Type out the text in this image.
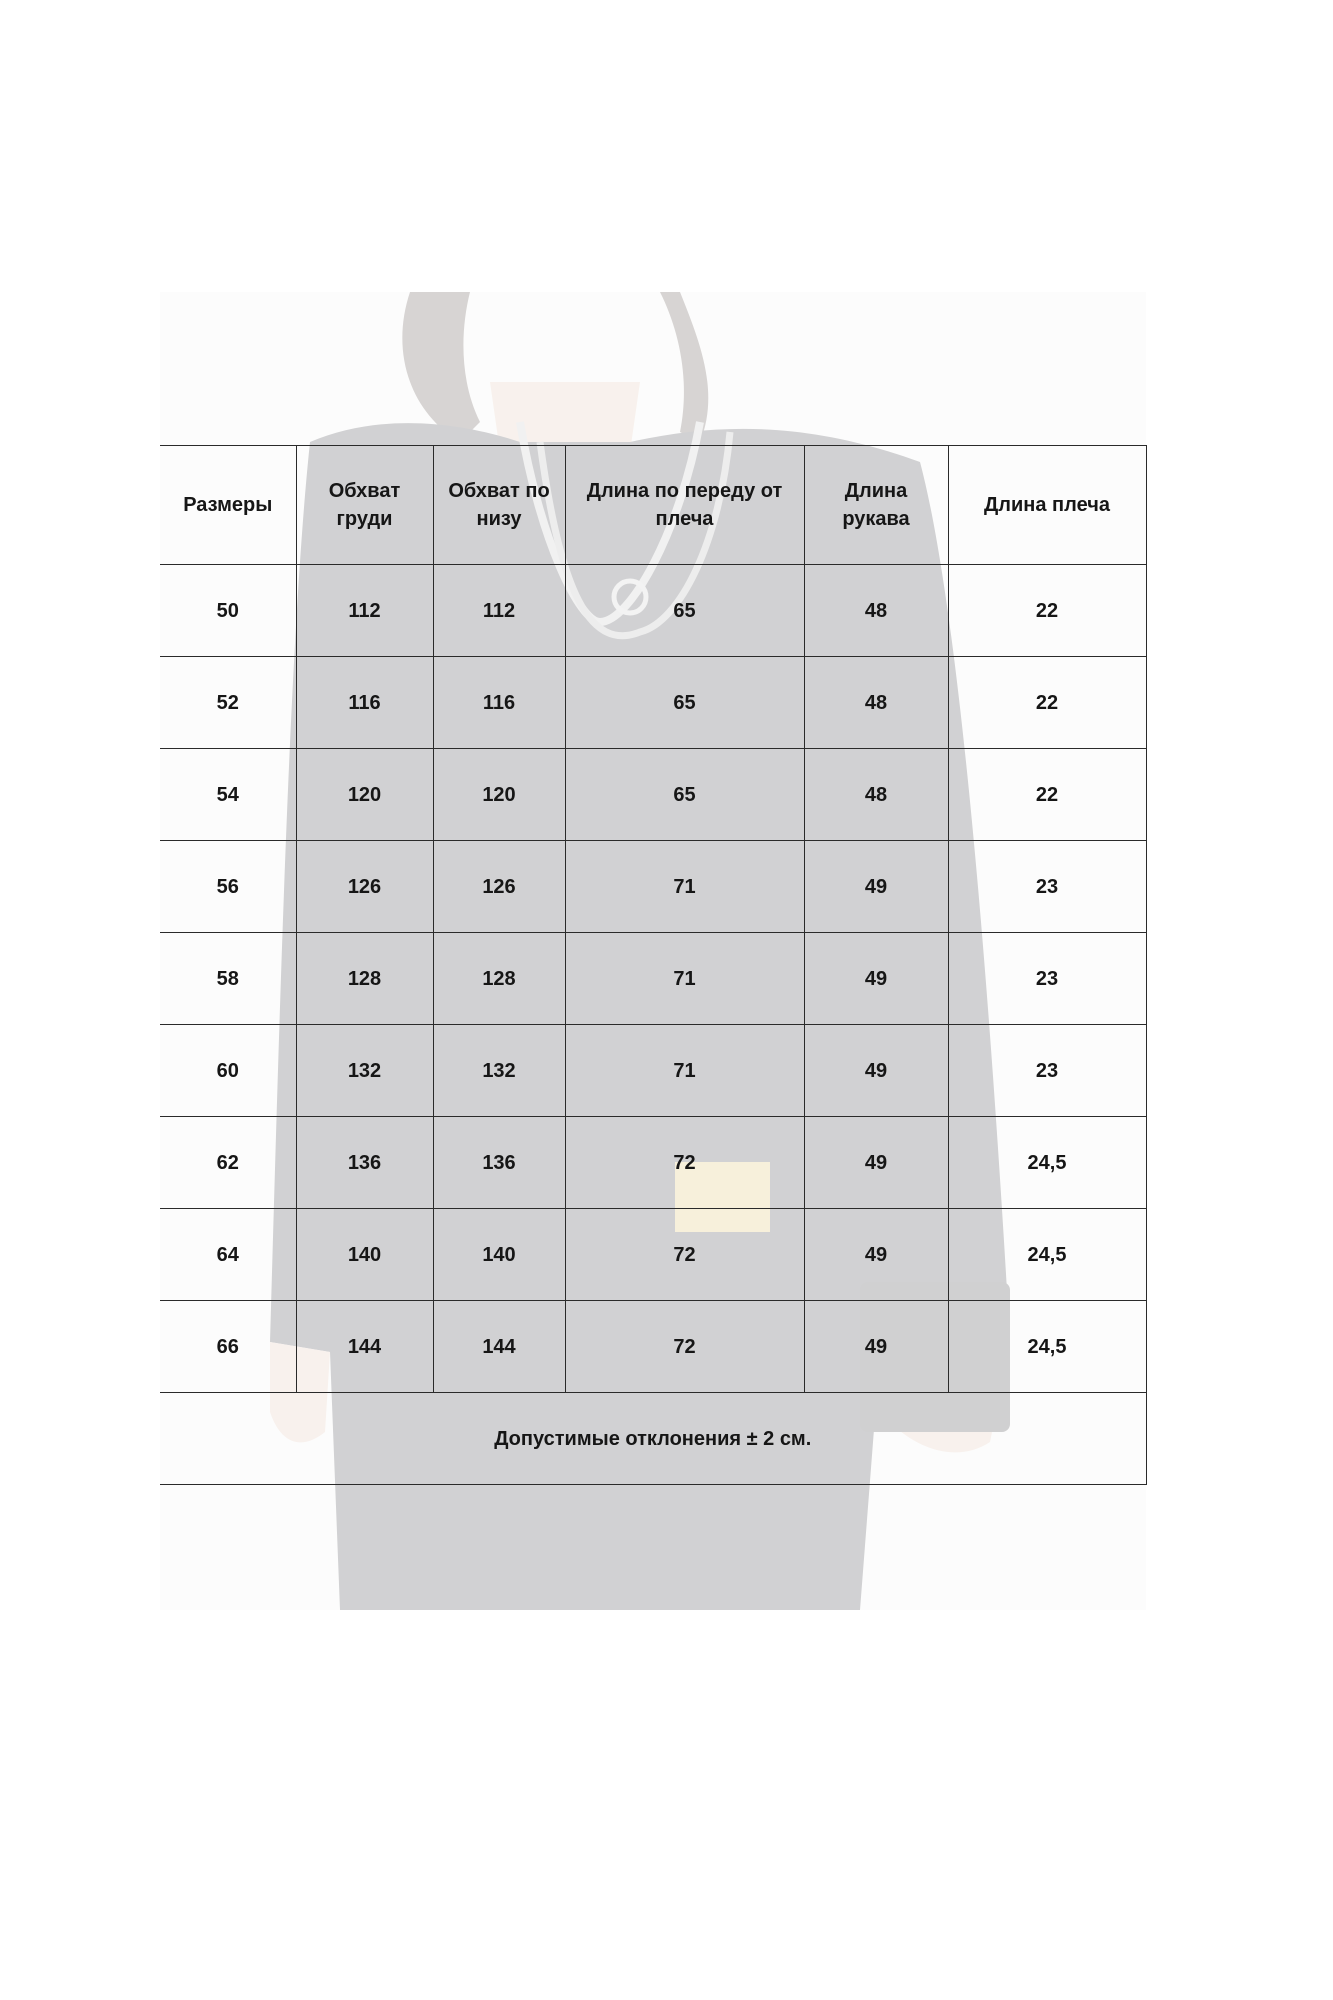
Размеры	Обхват груди	Обхват по низу	Длина по переду от плеча	Длина рукава	Длина плеча
50	112	112	65	48	22
52	116	116	65	48	22
54	120	120	65	48	22
56	126	126	71	49	23
58	128	128	71	49	23
60	132	132	71	49	23
62	136	136	72	49	24,5
64	140	140	72	49	24,5
66	144	144	72	49	24,5
Допустимые отклонения ± 2 см.					
